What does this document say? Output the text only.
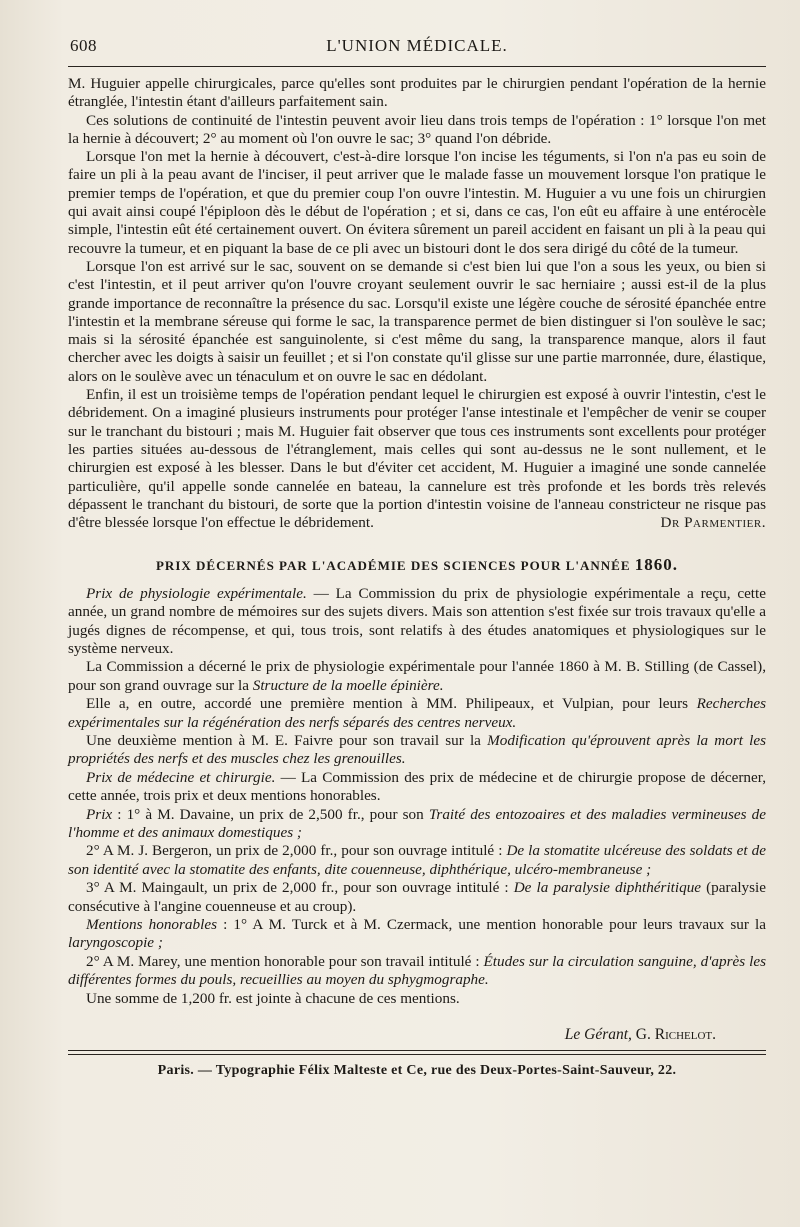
608	L'UNION MÉDICALE.

M. Huguier appelle chirurgicales, parce qu'elles sont produites par le chirurgien pendant l'opération de la hernie étranglée, l'intestin étant d'ailleurs parfaitement sain.

Ces solutions de continuité de l'intestin peuvent avoir lieu dans trois temps de l'opération : 1° lorsque l'on met la hernie à découvert; 2° au moment où l'on ouvre le sac; 3° quand l'on débride.

Lorsque l'on met la hernie à découvert, c'est-à-dire lorsque l'on incise les téguments, si l'on n'a pas eu soin de faire un pli à la peau avant de l'inciser, il peut arriver que le malade fasse un mouvement lorsque l'on pratique le premier temps de l'opération, et que du premier coup l'on ouvre l'intestin. M. Huguier a vu une fois un chirurgien qui avait ainsi coupé l'épiploon dès le début de l'opération ; et si, dans ce cas, l'on eût eu affaire à une entérocèle simple, l'intestin eût été certainement ouvert. On évitera sûrement un pareil accident en faisant un pli à la peau qui recouvre la tumeur, et en piquant la base de ce pli avec un bistouri dont le dos sera dirigé du côté de la tumeur.

Lorsque l'on est arrivé sur le sac, souvent on se demande si c'est bien lui que l'on a sous les yeux, ou bien si c'est l'intestin, et il peut arriver qu'on l'ouvre croyant seulement ouvrir le sac herniaire ; aussi est-il de la plus grande importance de reconnaître la présence du sac. Lorsqu'il existe une légère couche de sérosité épanchée entre l'intestin et la membrane séreuse qui forme le sac, la transparence permet de bien distinguer si l'on soulève le sac; mais si la sérosité épanchée est sanguinolente, si c'est même du sang, la transparence manque, alors il faut chercher avec les doigts à saisir un feuillet ; et si l'on constate qu'il glisse sur une partie marronnée, dure, élastique, alors on le soulève avec un ténaculum et on ouvre le sac en dédolant.

Enfin, il est un troisième temps de l'opération pendant lequel le chirurgien est exposé à ouvrir l'intestin, c'est le débridement. On a imaginé plusieurs instruments pour protéger l'anse intestinale et l'empêcher de venir se couper sur le tranchant du bistouri ; mais M. Huguier fait observer que tous ces instruments sont excellents pour protéger les parties situées au-dessous de l'étranglement, mais celles qui sont au-dessus ne le sont nullement, et le chirurgien est exposé à les blesser. Dans le but d'éviter cet accident, M. Huguier a imaginé une sonde cannelée particulière, qu'il appelle sonde cannelée en bateau, la cannelure est très profonde et les bords très relevés dépassent le tranchant du bistouri, de sorte que la portion d'intestin voisine de l'anneau constricteur ne risque pas d'être blessée lorsque l'on effectue le débridement.	Dr Parmentier.
PRIX DÉCERNÉS PAR L'ACADÉMIE DES SCIENCES POUR L'ANNÉE 1860.

Prix de physiologie expérimentale. — La Commission du prix de physiologie expérimentale a reçu, cette année, un grand nombre de mémoires sur des sujets divers. Mais son attention s'est fixée sur trois travaux qu'elle a jugés dignes de récompense, et qui, tous trois, sont relatifs à des études anatomiques et physiologiques sur le système nerveux.

La Commission a décerné le prix de physiologie expérimentale pour l'année 1860 à M. B. Stilling (de Cassel), pour son grand ouvrage sur la Structure de la moelle épinière.

Elle a, en outre, accordé une première mention à MM. Philipeaux, et Vulpian, pour leurs Recherches expérimentales sur la régénération des nerfs séparés des centres nerveux.

Une deuxième mention à M. E. Faivre pour son travail sur la Modification qu'éprouvent après la mort les propriétés des nerfs et des muscles chez les grenouilles.

Prix de médecine et chirurgie. — La Commission des prix de médecine et de chirurgie propose de décerner, cette année, trois prix et deux mentions honorables.

Prix : 1° à M. Davaine, un prix de 2,500 fr., pour son Traité des entozoaires et des maladies vermineuses de l'homme et des animaux domestiques ;

2° A M. J. Bergeron, un prix de 2,000 fr., pour son ouvrage intitulé : De la stomatite ulcéreuse des soldats et de son identité avec la stomatite des enfants, dite couenneuse, diphthérique, ulcéro-membraneuse ;

3° A M. Maingault, un prix de 2,000 fr., pour son ouvrage intitulé : De la paralysie diphthéritique (paralysie consécutive à l'angine couenneuse et au croup).

Mentions honorables : 1° A M. Turck et à M. Czermack, une mention honorable pour leurs travaux sur la laryngoscopie ;

2° A M. Marey, une mention honorable pour son travail intitulé : Études sur la circulation sanguine, d'après les différentes formes du pouls, recueillies au moyen du sphygmographe.

Une somme de 1,200 fr. est jointe à chacune de ces mentions.

Le Gérant, G. Richelot.
Paris. — Typographie Félix Malteste et Ce, rue des Deux-Portes-Saint-Sauveur, 22.
